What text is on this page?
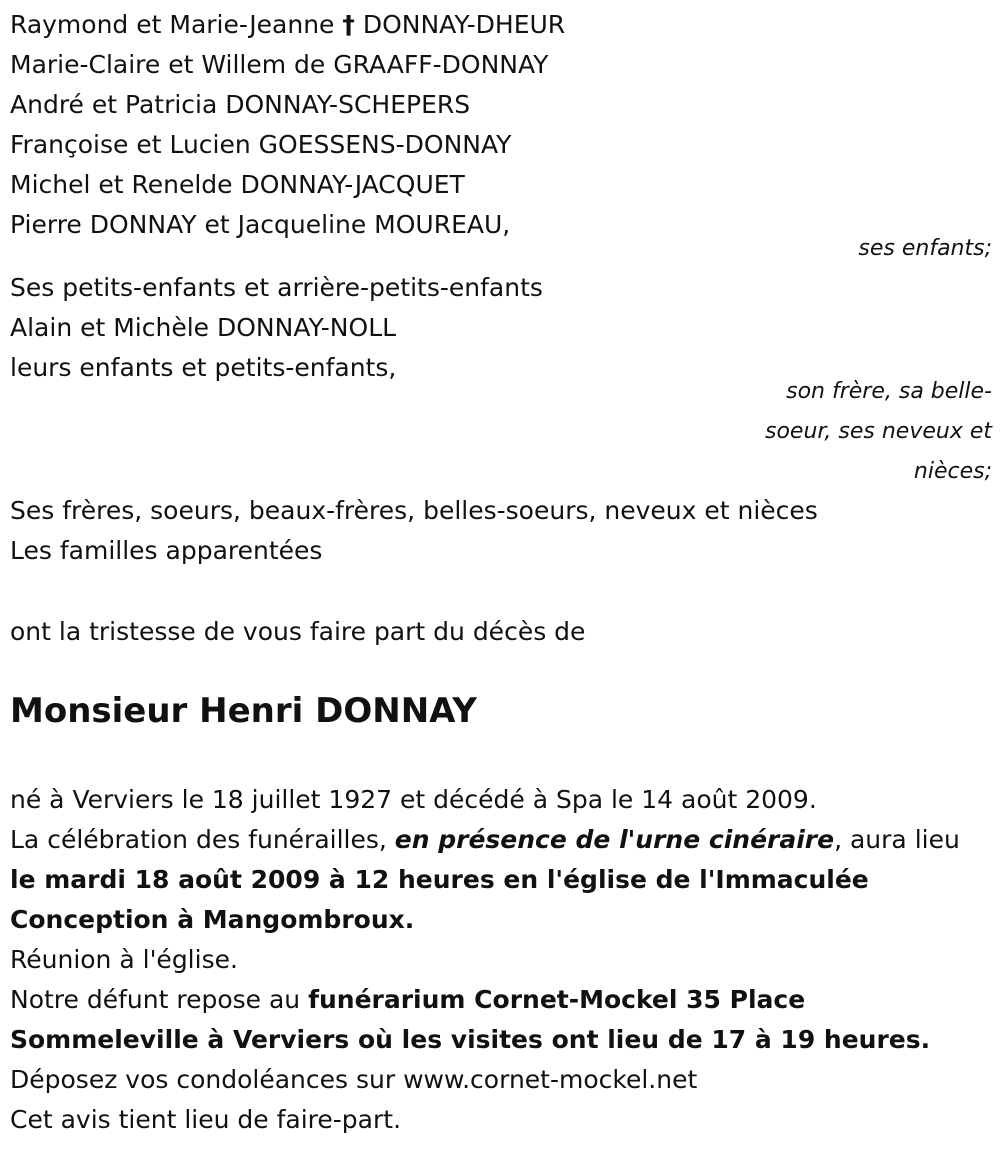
Raymond et Marie-Jeanne † DONNAY-DHEUR
Marie-Claire et Willem de GRAAFF-DONNAY
André et Patricia DONNAY-SCHEPERS
Françoise et Lucien GOESSENS-DONNAY
Michel et Renelde DONNAY-JACQUET
Pierre DONNAY et Jacqueline MOUREAU,
ses enfants;
Ses petits-enfants et arrière-petits-enfants
Alain et Michèle DONNAY-NOLL
leurs enfants et petits-enfants,
son frère, sa belle-
soeur, ses neveux et
nièces;
Ses frères, soeurs, beaux-frères, belles-soeurs, neveux et nièces
Les familles apparentées
ont la tristesse de vous faire part du décès de
Monsieur Henri DONNAY
né à Verviers le 18 juillet 1927 et décédé à Spa le 14 août 2009.
La célébration des funérailles, en présence de l'urne cinéraire, aura lieu
le mardi 18 août 2009 à 12 heures en l'église de l'Immaculée
Conception à Mangombroux.
Réunion à l'église.
Notre défunt repose au funérarium Cornet-Mockel 35 Place
Sommeleville à Verviers où les visites ont lieu de 17 à 19 heures.
Déposez vos condoléances sur www.cornet-mockel.net
Cet avis tient lieu de faire-part.
